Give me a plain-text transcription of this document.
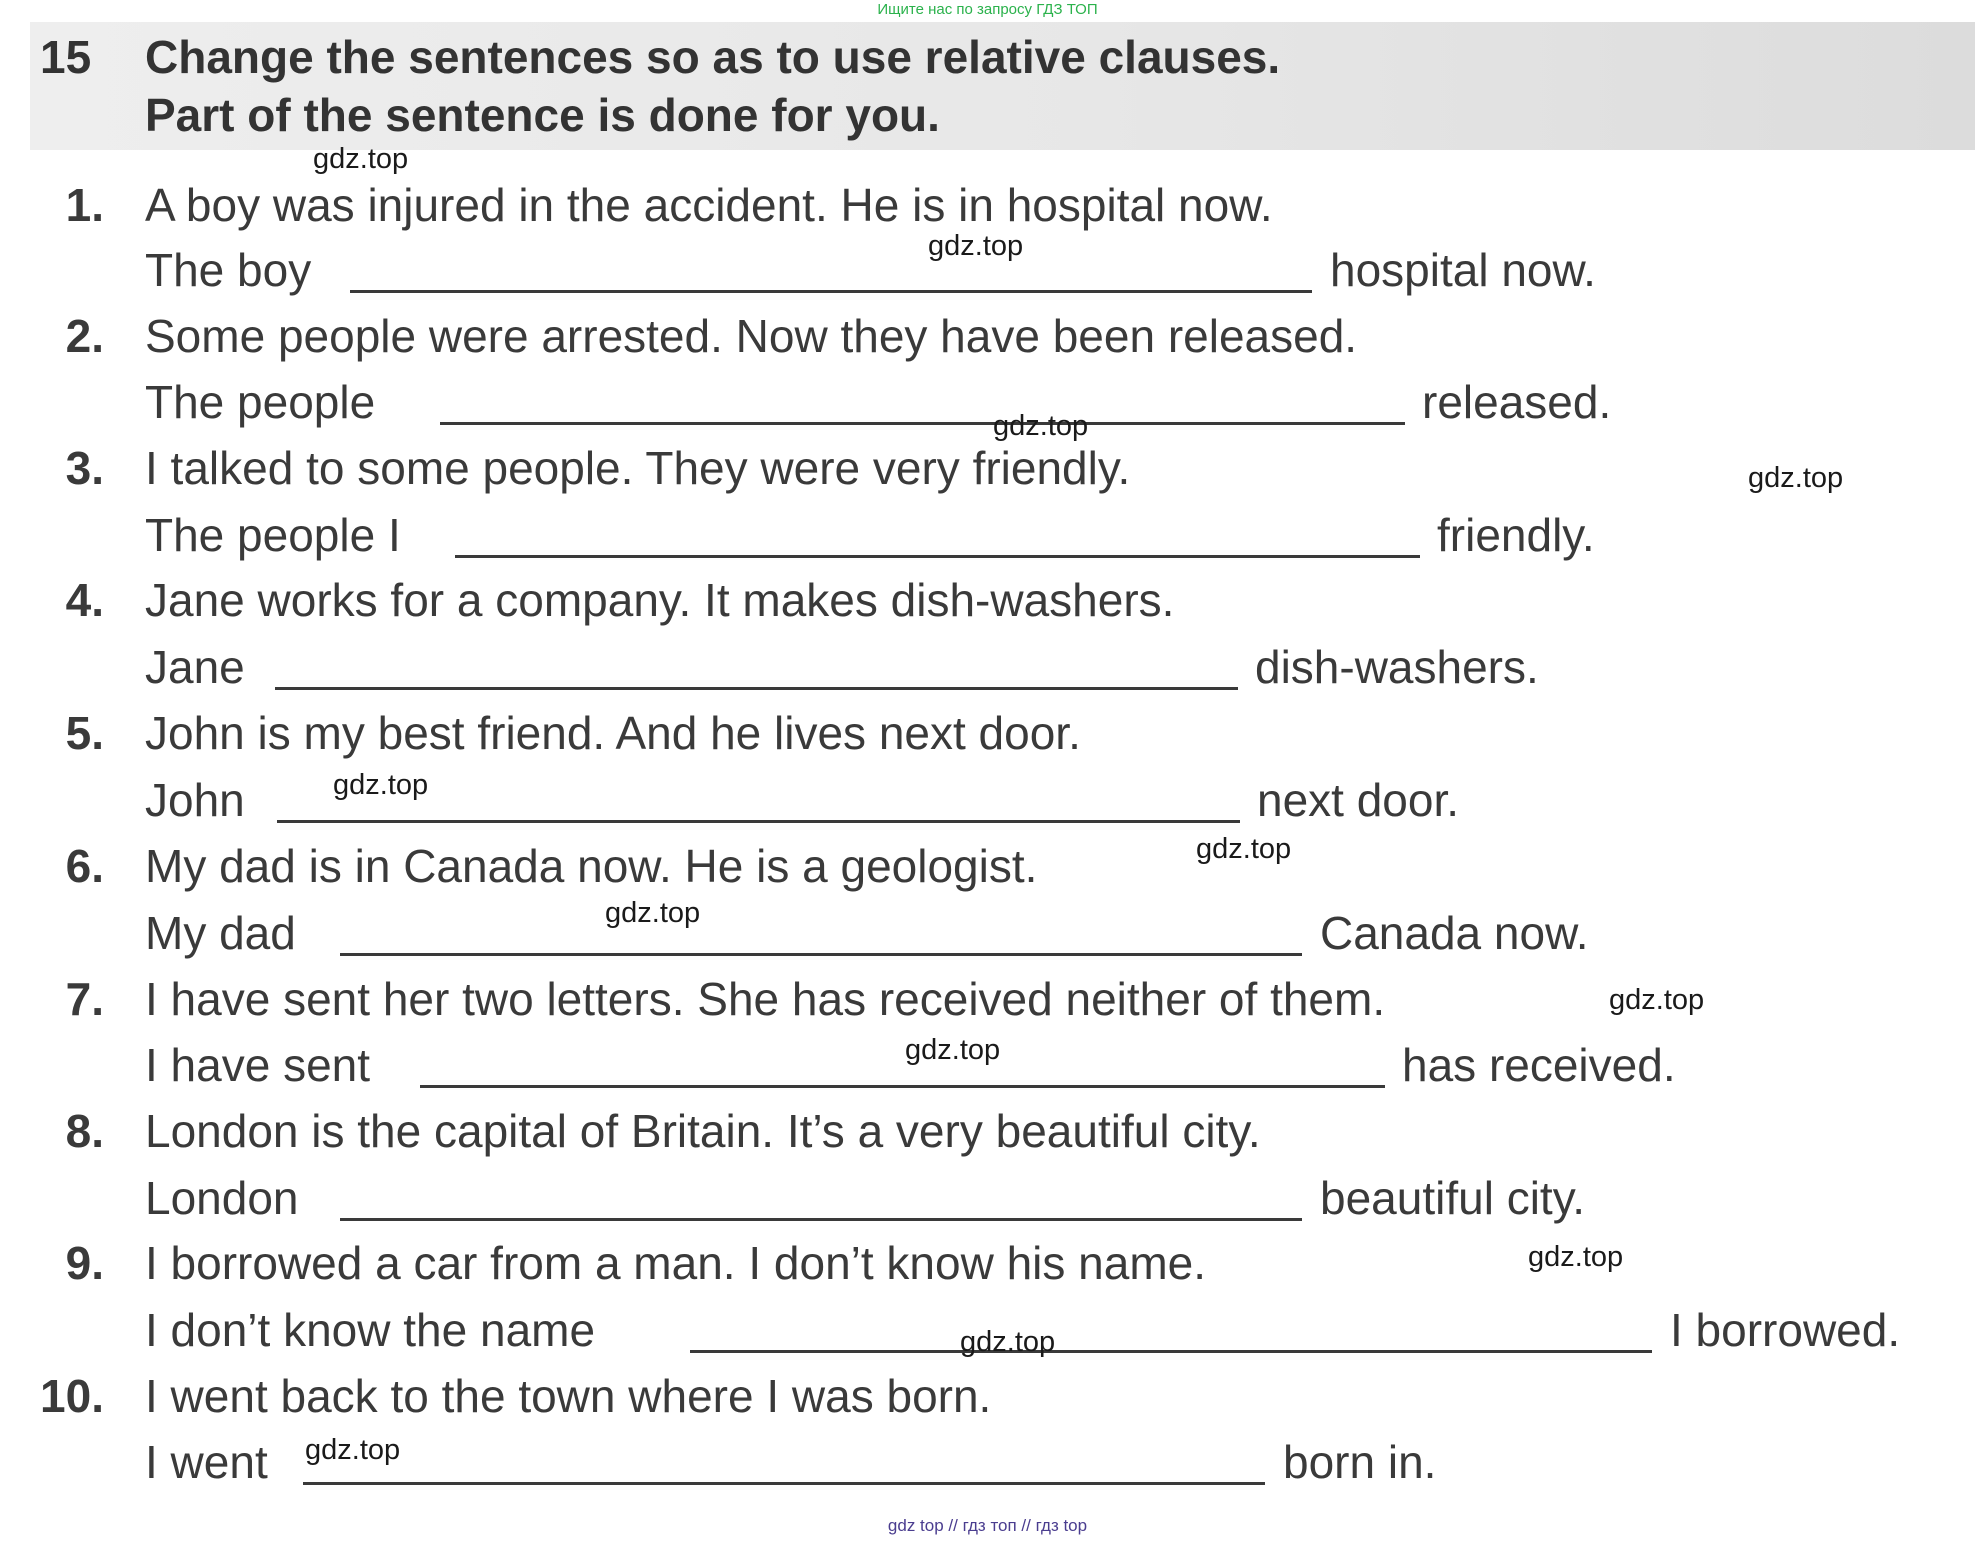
Ищите нас по запросу ГДЗ ТОП
15 Change the sentences so as to use relative clauses.
Part of the sentence is done for you.
1. A boy was injured in the accident. He is in hospital now.
The boy	hospital now.
2. Some people were arrested. Now they have been released.
The people	released.
3. I talked to some people. They were very friendly.
The people I	friendly.
4. Jane works for a company. It makes dish-washers.
Jane	dish-washers.
5. John is my best friend. And he lives next door.
John	next door.
6. My dad is in Canada now. He is a geologist.
My dad	Canada now.
7. I have sent her two letters. She has received neither of them.
I have sent	has received.
8. London is the capital of Britain. It’s a very beautiful city.
London	beautiful city.
9. I borrowed a car from a man. I don’t know his name.
I don’t know the name	I borrowed.
10. I went back to the town where I was born.
I went	born in.
gdz.top
gdz.top
gdz.top
gdz.top
gdz.top
gdz.top
gdz.top
gdz.top
gdz.top
gdz.top
gdz.top
gdz.top
gdz top // гдз топ // гдз top
